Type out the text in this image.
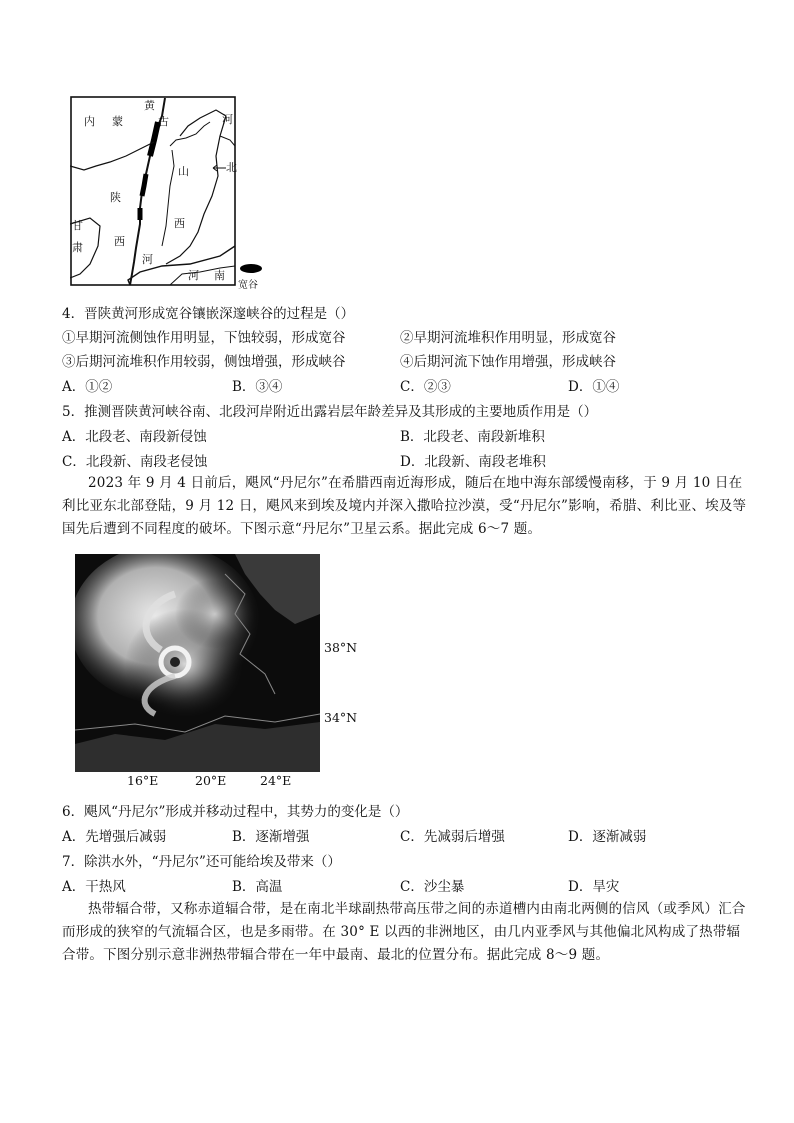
内 蒙
黄
古	河
北
山
西
陕
西
甘
肃
河
河 南
宽谷
4．晋陕黄河形成宽谷镶嵌深邃峡谷的过程是（）
①早期河流侧蚀作用明显，下蚀较弱，形成宽谷	②早期河流堆积作用明显，形成宽谷
③后期河流堆积作用较弱，侧蚀增强，形成峡谷	④后期河流下蚀作用增强，形成峡谷
A．①②	B．③④	C．②③	D．①④
5．推测晋陕黄河峡谷南、北段河岸附近出露岩层年龄差异及其形成的主要地质作用是（）
A．北段老、南段新侵蚀	B．北段老、南段新堆积
C．北段新、南段老侵蚀	D．北段新、南段老堆积
2023 年 9 月 4 日前后，飓风“丹尼尔”在希腊西南近海形成，随后在地中海东部缓慢南移，于 9 月 10 日在利比亚东北部登陆，9 月 12 日，飓风来到埃及境内并深入撒哈拉沙漠，受“丹尼尔”影响，希腊、利比亚、埃及等国先后遭到不同程度的破坏。下图示意“丹尼尔”卫星云系。据此完成 6～7 题。
38°N
34°N
16°E	20°E	24°E
6．飓风“丹尼尔”形成并移动过程中，其势力的变化是（）
A．先增强后减弱	B．逐渐增强	C．先减弱后增强	D．逐渐减弱
7．除洪水外，“丹尼尔”还可能给埃及带来（）
A．干热风	B．高温	C．沙尘暴	D．旱灾
热带辐合带，又称赤道辐合带，是在南北半球副热带高压带之间的赤道槽内由南北两侧的信风（或季风）汇合而形成的狭窄的气流辐合区，也是多雨带。在 30° E 以西的非洲地区，由几内亚季风与其他偏北风构成了热带辐合带。下图分别示意非洲热带辐合带在一年中最南、最北的位置分布。据此完成 8～9 题。
